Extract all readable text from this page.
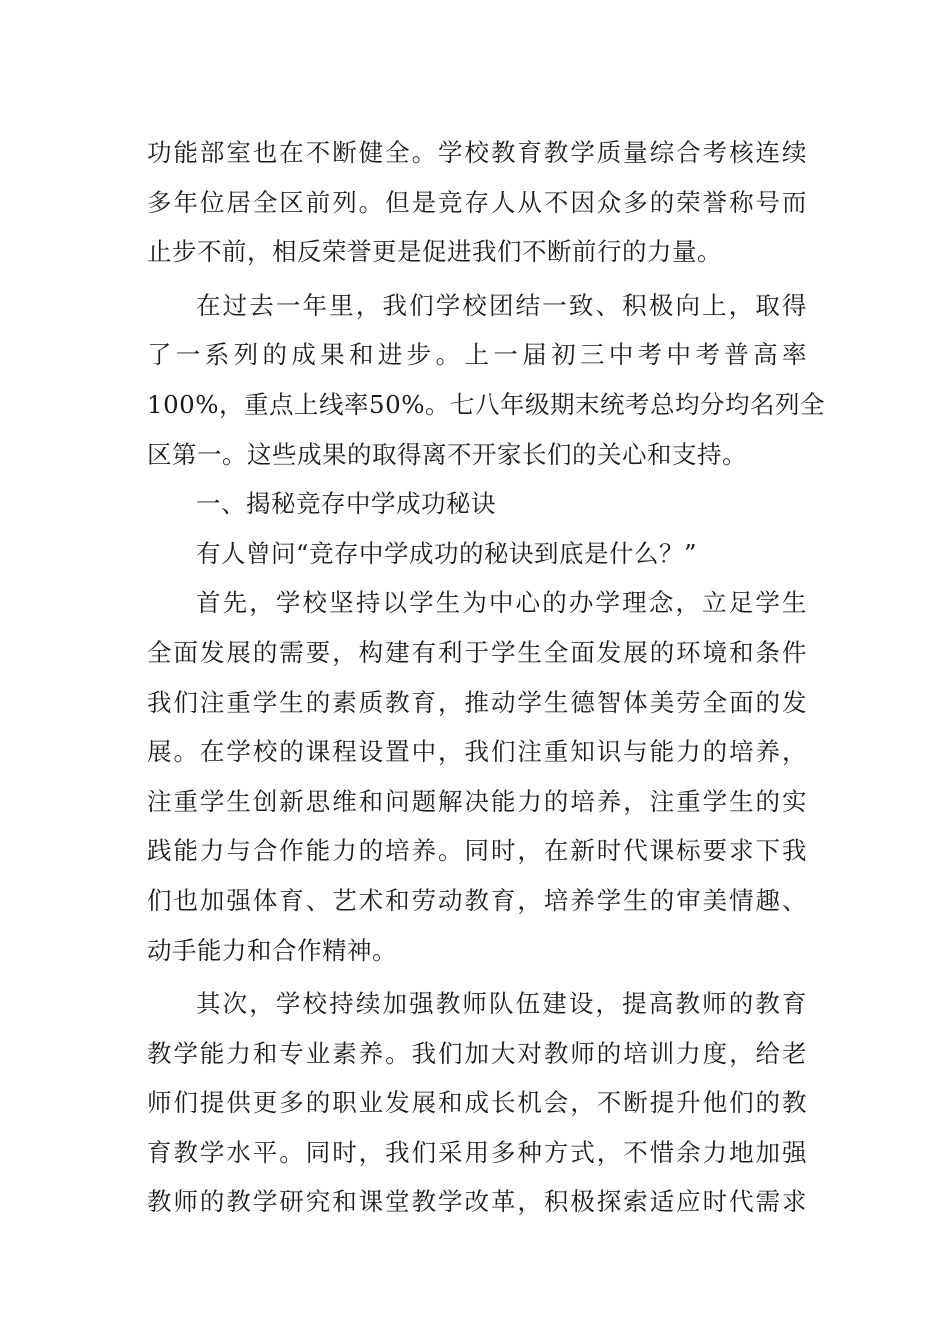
功能部室也在不断健全。学校教育教学质量综合考核连续
多年位居全区前列。但是竞存人从不因众多的荣誉称号而
止步不前，相反荣誉更是促进我们不断前行的力量。
在过去一年里，我们学校团结一致、积极向上，取得
了一系列的成果和进步。上一届初三中考中考普高率
100%，重点上线率50%。七八年级期末统考总均分均名列全
区第一。这些成果的取得离不开家长们的关心和支持。
一、揭秘竞存中学成功秘诀
有人曾问“竞存中学成功的秘诀到底是什么？”
首先，学校坚持以学生为中心的办学理念，立足学生
全面发展的需要，构建有利于学生全面发展的环境和条件
我们注重学生的素质教育，推动学生德智体美劳全面的发
展。在学校的课程设置中，我们注重知识与能力的培养，
注重学生创新思维和问题解决能力的培养，注重学生的实
践能力与合作能力的培养。同时，在新时代课标要求下我
们也加强体育、艺术和劳动教育，培养学生的审美情趣、
动手能力和合作精神。
其次，学校持续加强教师队伍建设，提高教师的教育
教学能力和专业素养。我们加大对教师的培训力度，给老
师们提供更多的职业发展和成长机会，不断提升他们的教
育教学水平。同时，我们采用多种方式，不惜余力地加强
教师的教学研究和课堂教学改革，积极探索适应时代需求
